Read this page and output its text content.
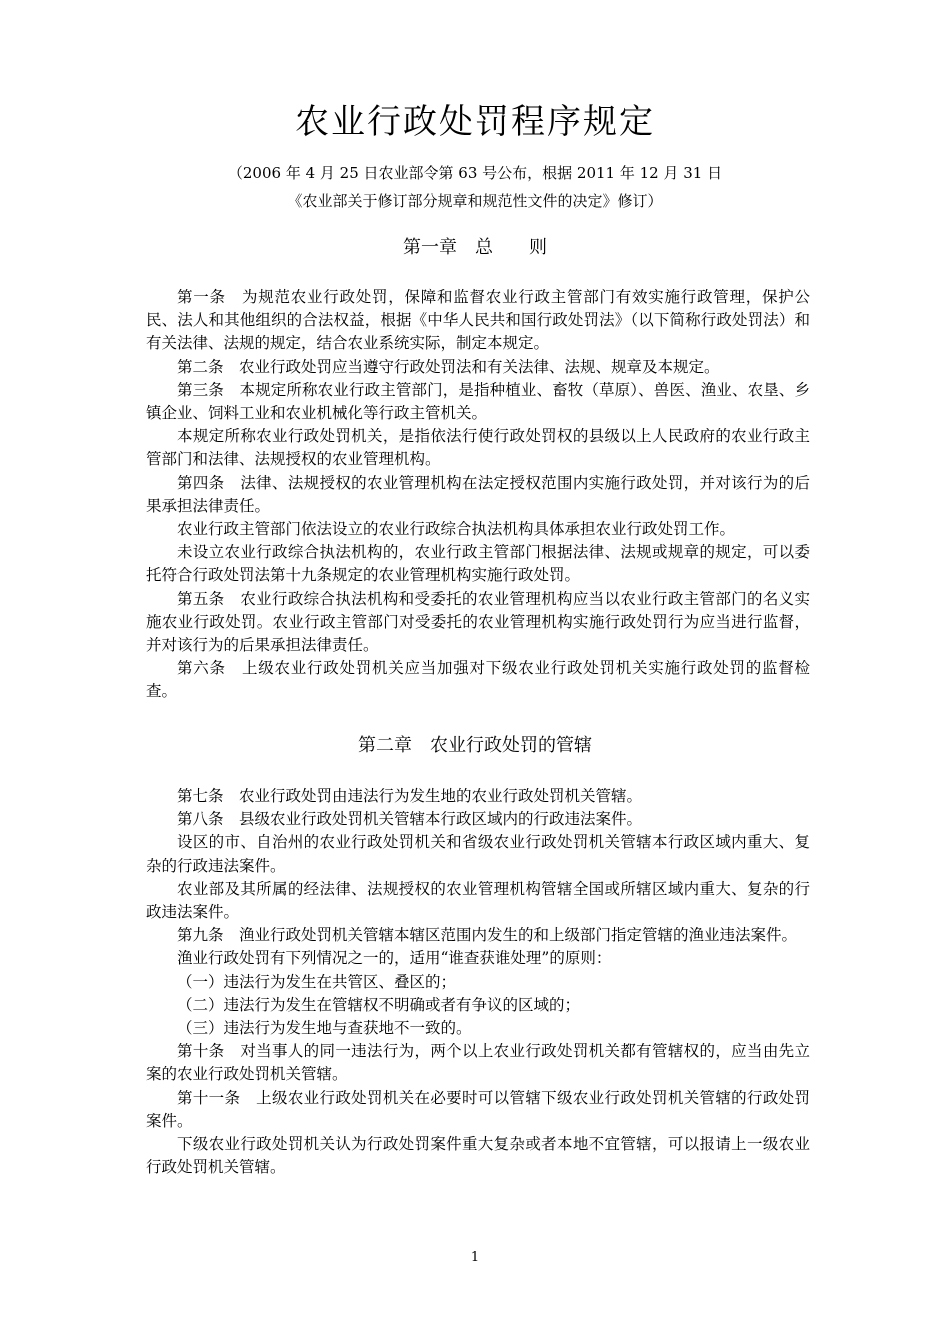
农业行政处罚程序规定
（2006 年 4 月 25 日农业部令第 63 号公布，根据 2011 年 12 月 31 日
《农业部关于修订部分规章和规范性文件的决定》修订）
第一章　总　　则

第一条　为规范农业行政处罚，保障和监督农业行政主管部门有效实施行政管理，保护公民、法人和其他组织的合法权益，根据《中华人民共和国行政处罚法》（以下简称行政处罚法）和有关法律、法规的规定，结合农业系统实际，制定本规定。

第二条　农业行政处罚应当遵守行政处罚法和有关法律、法规、规章及本规定。

第三条　本规定所称农业行政主管部门，是指种植业、畜牧（草原）、兽医、渔业、农垦、乡镇企业、饲料工业和农业机械化等行政主管机关。

本规定所称农业行政处罚机关，是指依法行使行政处罚权的县级以上人民政府的农业行政主管部门和法律、法规授权的农业管理机构。

第四条　法律、法规授权的农业管理机构在法定授权范围内实施行政处罚，并对该行为的后果承担法律责任。

农业行政主管部门依法设立的农业行政综合执法机构具体承担农业行政处罚工作。

未设立农业行政综合执法机构的，农业行政主管部门根据法律、法规或规章的规定，可以委托符合行政处罚法第十九条规定的农业管理机构实施行政处罚。

第五条　农业行政综合执法机构和受委托的农业管理机构应当以农业行政主管部门的名义实施农业行政处罚。农业行政主管部门对受委托的农业管理机构实施行政处罚行为应当进行监督，并对该行为的后果承担法律责任。

第六条　上级农业行政处罚机关应当加强对下级农业行政处罚机关实施行政处罚的监督检查。

第二章　农业行政处罚的管辖

第七条　农业行政处罚由违法行为发生地的农业行政处罚机关管辖。

第八条　县级农业行政处罚机关管辖本行政区域内的行政违法案件。

设区的市、自治州的农业行政处罚机关和省级农业行政处罚机关管辖本行政区域内重大、复杂的行政违法案件。

农业部及其所属的经法律、法规授权的农业管理机构管辖全国或所辖区域内重大、复杂的行政违法案件。

第九条　渔业行政处罚机关管辖本辖区范围内发生的和上级部门指定管辖的渔业违法案件。

渔业行政处罚有下列情况之一的，适用“谁查获谁处理”的原则：

（一）违法行为发生在共管区、叠区的；

（二）违法行为发生在管辖权不明确或者有争议的区域的；

（三）违法行为发生地与查获地不一致的。

第十条　对当事人的同一违法行为，两个以上农业行政处罚机关都有管辖权的，应当由先立案的农业行政处罚机关管辖。

第十一条　上级农业行政处罚机关在必要时可以管辖下级农业行政处罚机关管辖的行政处罚案件。

下级农业行政处罚机关认为行政处罚案件重大复杂或者本地不宜管辖，可以报请上一级农业行政处罚机关管辖。

1
